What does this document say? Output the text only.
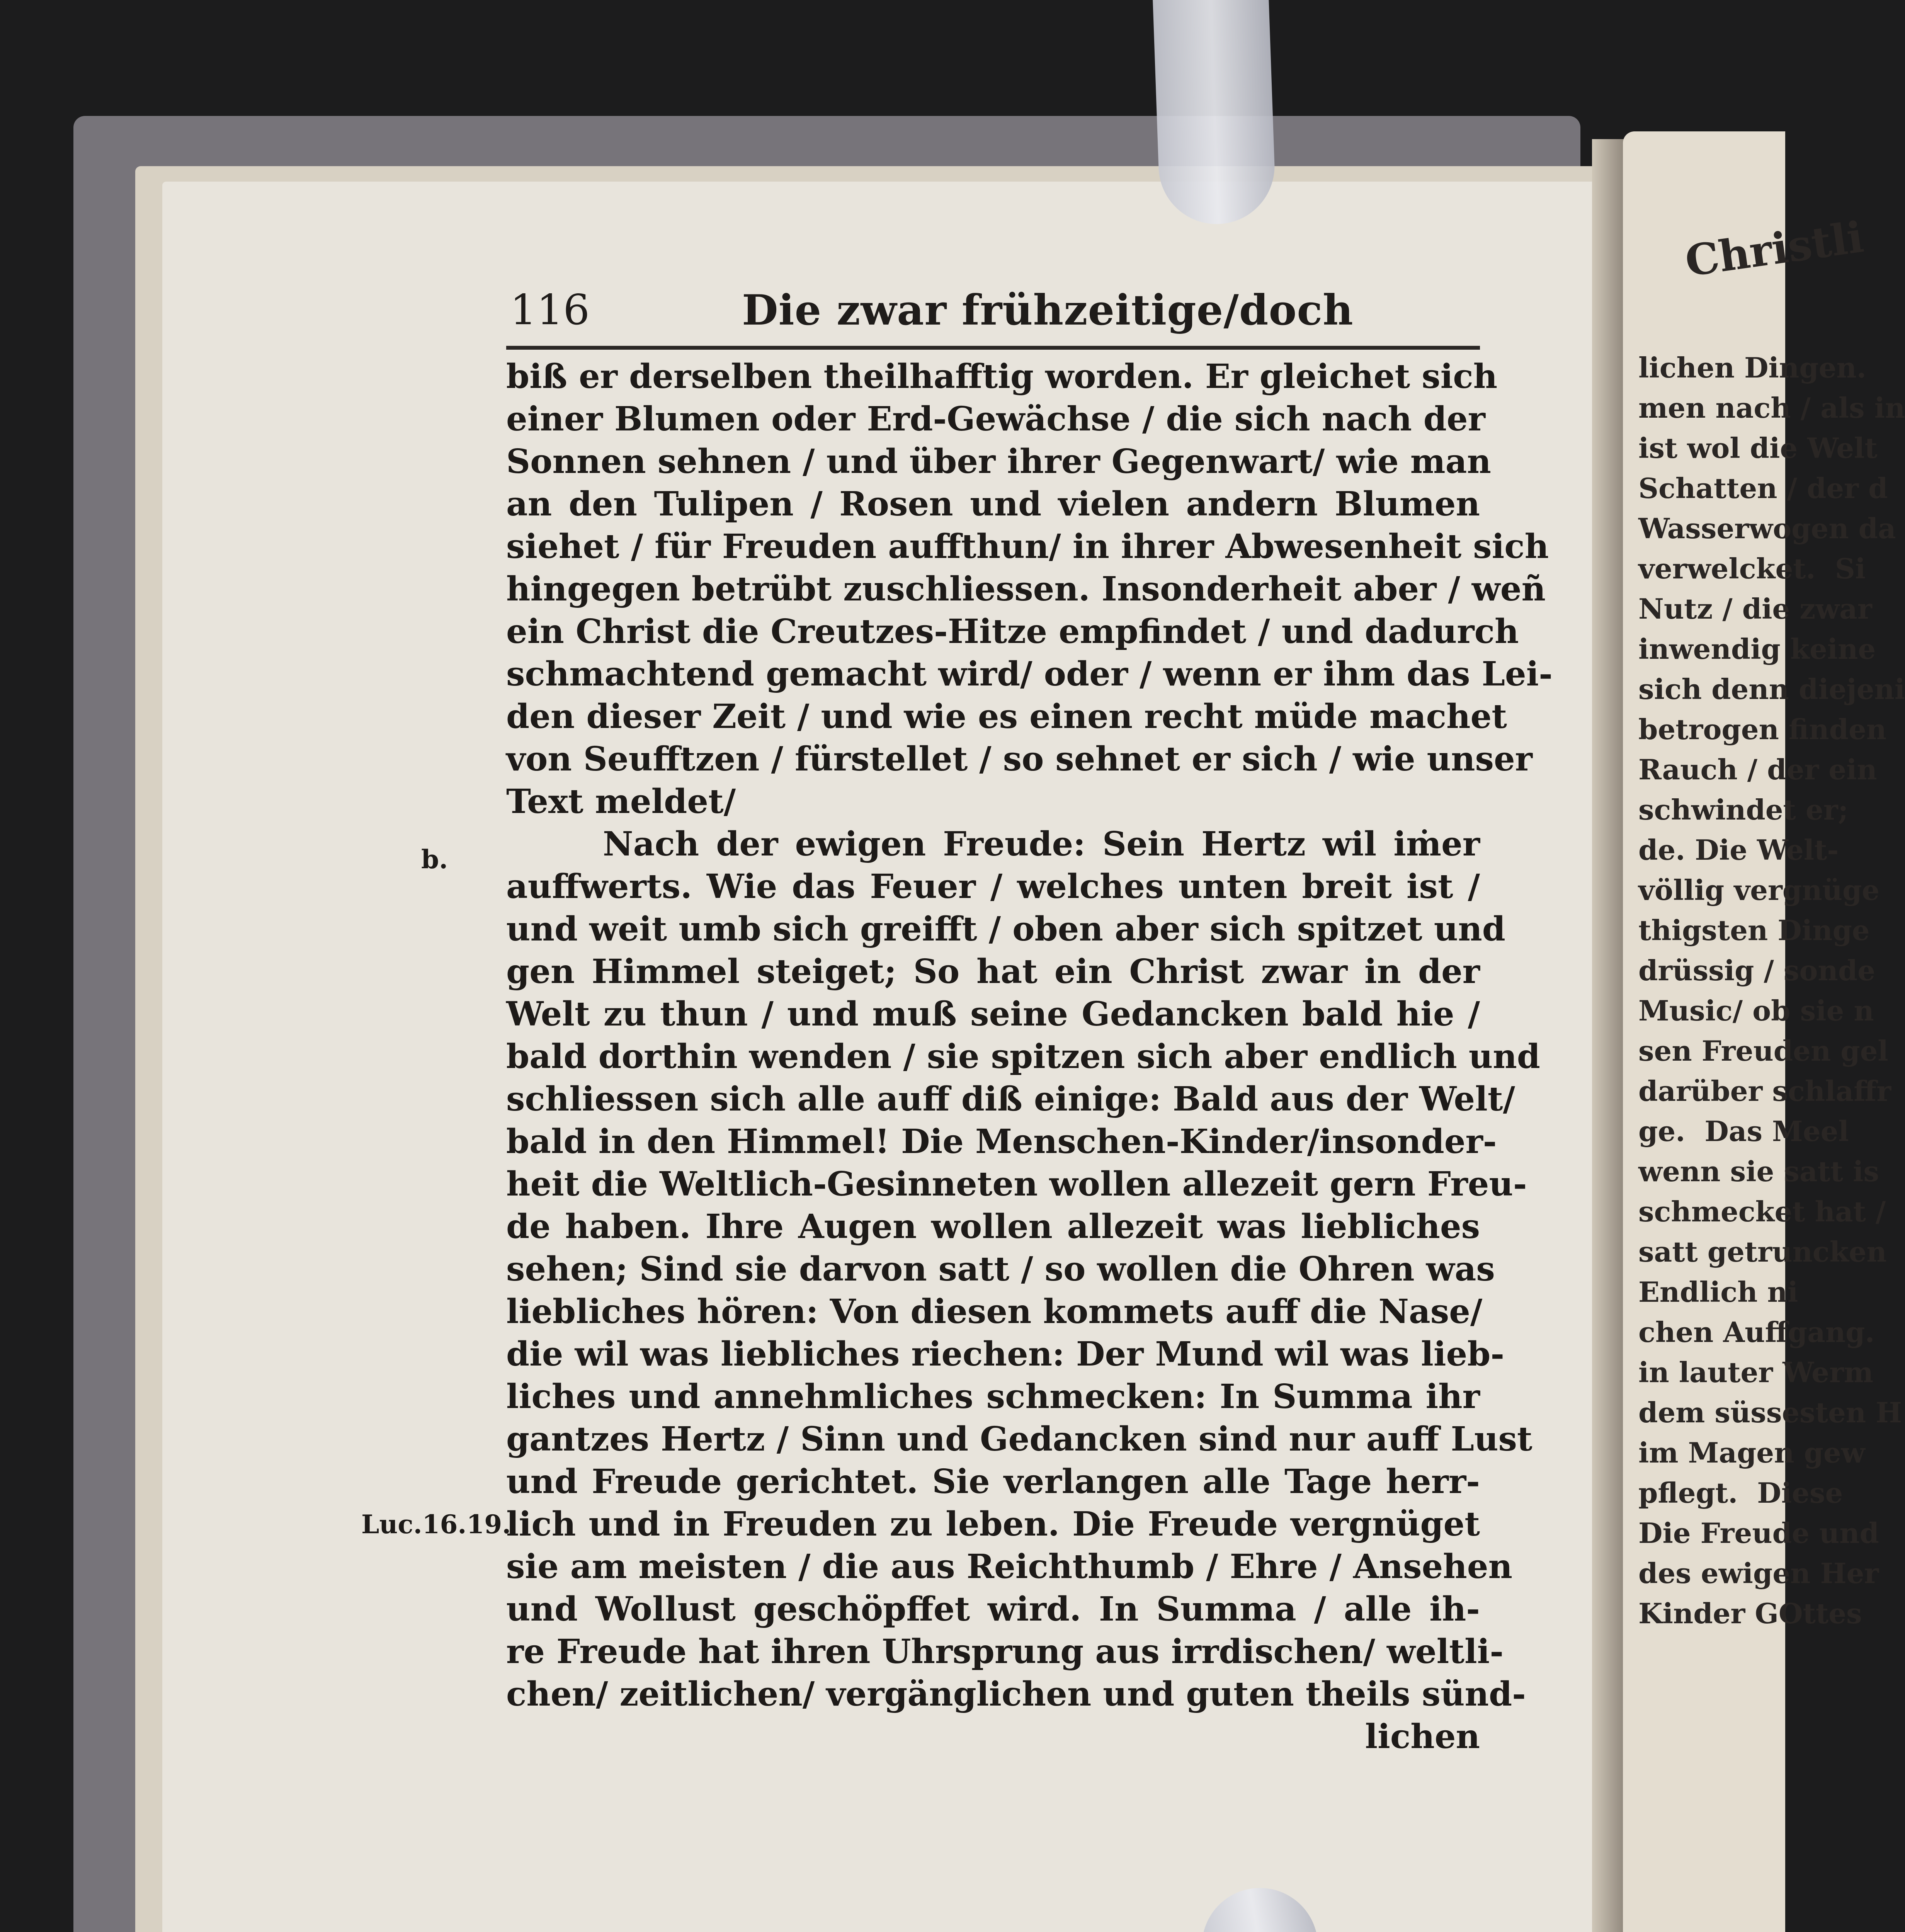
Christli
lichen Dingen.
men nach / als in
ist wol die Welt
Schatten / der d
Wasserwogen da
verwelcket.  Si
Nutz / die zwar
inwendig keine
sich denn diejeni
betrogen finden
Rauch / der ein
schwindet er;
de. Die Welt-
völlig vergnüge
thigsten Dinge
drüssig / sonde
Music/ ob sie n
sen Freuden gel
darüber schlaffr
ge.  Das Meel
wenn sie satt is
schmecket hat /
satt getruncken
Endlich ni
chen Auffgang.
in lauter Werm
dem süssesten H
im Magen gew
pflegt.  Diese
Die Freude und
des ewigen Her
Kinder GOttes
116	Die zwar frühzeitige/doch
b.
Luc.16.19.
biß er derselben theilhafftig worden. Er gleichet sich
einer Blumen oder Erd-Gewächse / die sich nach der
Sonnen sehnen / und über ihrer Gegenwart/ wie man
an den Tulipen / Rosen und vielen andern Blumen
siehet / für Freuden auffthun/ in ihrer Abwesenheit sich
hingegen betrübt zuschliessen. Insonderheit aber / weñ
ein Christ die Creutzes-Hitze empfindet / und dadurch
schmachtend gemacht wird/ oder / wenn er ihm das Lei-
den dieser Zeit / und wie es einen recht müde machet
von Seufftzen / fürstellet / so sehnet er sich / wie unser
Text meldet/
Nach der ewigen Freude: Sein Hertz wil iṁer
auffwerts. Wie das Feuer / welches unten breit ist /
und weit umb sich greifft / oben aber sich spitzet und
gen Himmel steiget; So hat ein Christ zwar in der
Welt zu thun / und muß seine Gedancken bald hie /
bald dorthin wenden / sie spitzen sich aber endlich und
schliessen sich alle auff diß einige: Bald aus der Welt/
bald in den Himmel! Die Menschen-Kinder/insonder-
heit die Weltlich-Gesinneten wollen allezeit gern Freu-
de haben. Ihre Augen wollen allezeit was liebliches
sehen; Sind sie darvon satt / so wollen die Ohren was
liebliches hören: Von diesen kommets auff die Nase/
die wil was liebliches riechen: Der Mund wil was lieb-
liches und annehmliches schmecken: In Summa ihr
gantzes Hertz / Sinn und Gedancken sind nur auff Lust
und Freude gerichtet. Sie verlangen alle Tage herr-
lich und in Freuden zu leben. Die Freude vergnüget
sie am meisten / die aus Reichthumb / Ehre / Ansehen
und Wollust geschöpffet wird. In Summa / alle ih-
re Freude hat ihren Uhrsprung aus irrdischen/ weltli-
chen/ zeitlichen/ vergänglichen und guten theils sünd-
lichen
